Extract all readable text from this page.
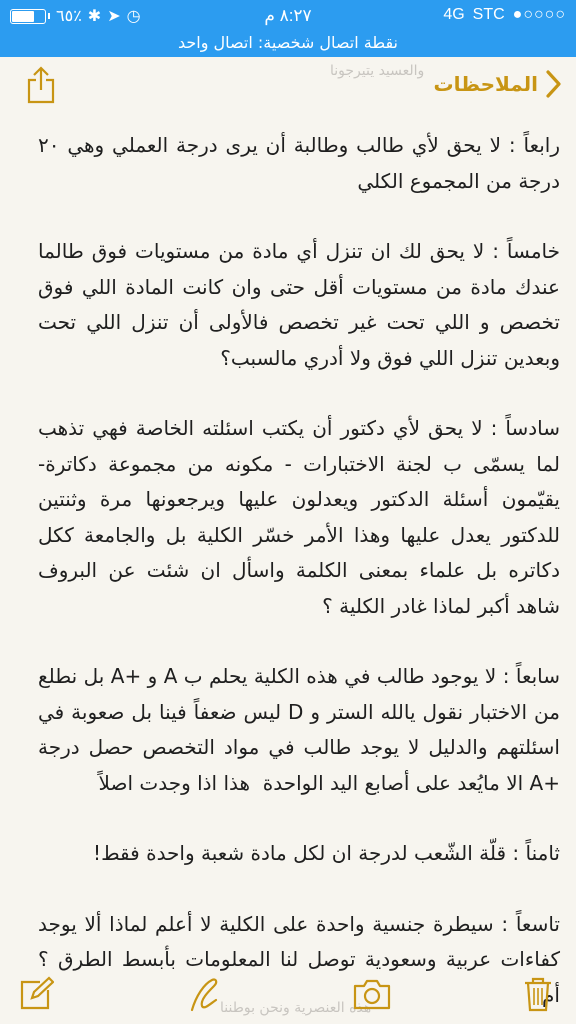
٦٥٪ ✱ ➤ ◷	٨:٢٧ م	4G STC ●○○○○
نقطة اتصال شخصية: اتصال واحد
والعسيد يتيرجونا
الملاحظات

رابعاً : لا يحق لأي طالب وطالبة أن يرى درجة العملي وهي ٢٠ درجة من المجموع الكلي

خامساً : لا يحق لك ان تنزل أي مادة من مستويات فوق طالما عندك مادة من مستويات أقل حتى وان كانت المادة اللي فوق تخصص و اللي تحت غير تخصص فالأولى أن تنزل اللي تحت وبعدين تنزل اللي فوق ولا أدري مالسبب؟

سادساً : لا يحق لأي دكتور أن يكتب اسئلته الخاصة فهي تذهب لما يسمّى ب لجنة الاختبارات - مكونه من مجموعة دكاترة- يقيّمون أسئلة الدكتور ويعدلون عليها ويرجعونها مرة وثنتين للدكتور يعدل عليها وهذا الأمر خسّر الكلية بل والجامعة ككل دكاتره بل علماء بمعنى الكلمة واسأل ان شئت عن البروف شاهد أكبر لماذا غادر الكلية ؟

سابعاً : لا يوجود طالب في هذه الكلية يحلم ب A و +A بل نطلع من الاختبار نقول يالله الستر و D ليس ضعفاً فينا بل صعوبة في اسئلتهم والدليل لا يوجد طالب في مواد التخصص حصل درجة +A الا مايُعد على أصابع اليد الواحدة  هذا اذا وجدت اصلاً

ثامناً : قلّة الشّعب لدرجة ان لكل مادة شعبة واحدة فقط!

تاسعاً : سيطرة جنسية واحدة على الكلية لا أعلم لماذا ألا يوجد كفاءات عربية وسعودية توصل لنا المعلومات بأبسط الطرق ؟ أم

هذه العنصرية ونحن بوطننا
